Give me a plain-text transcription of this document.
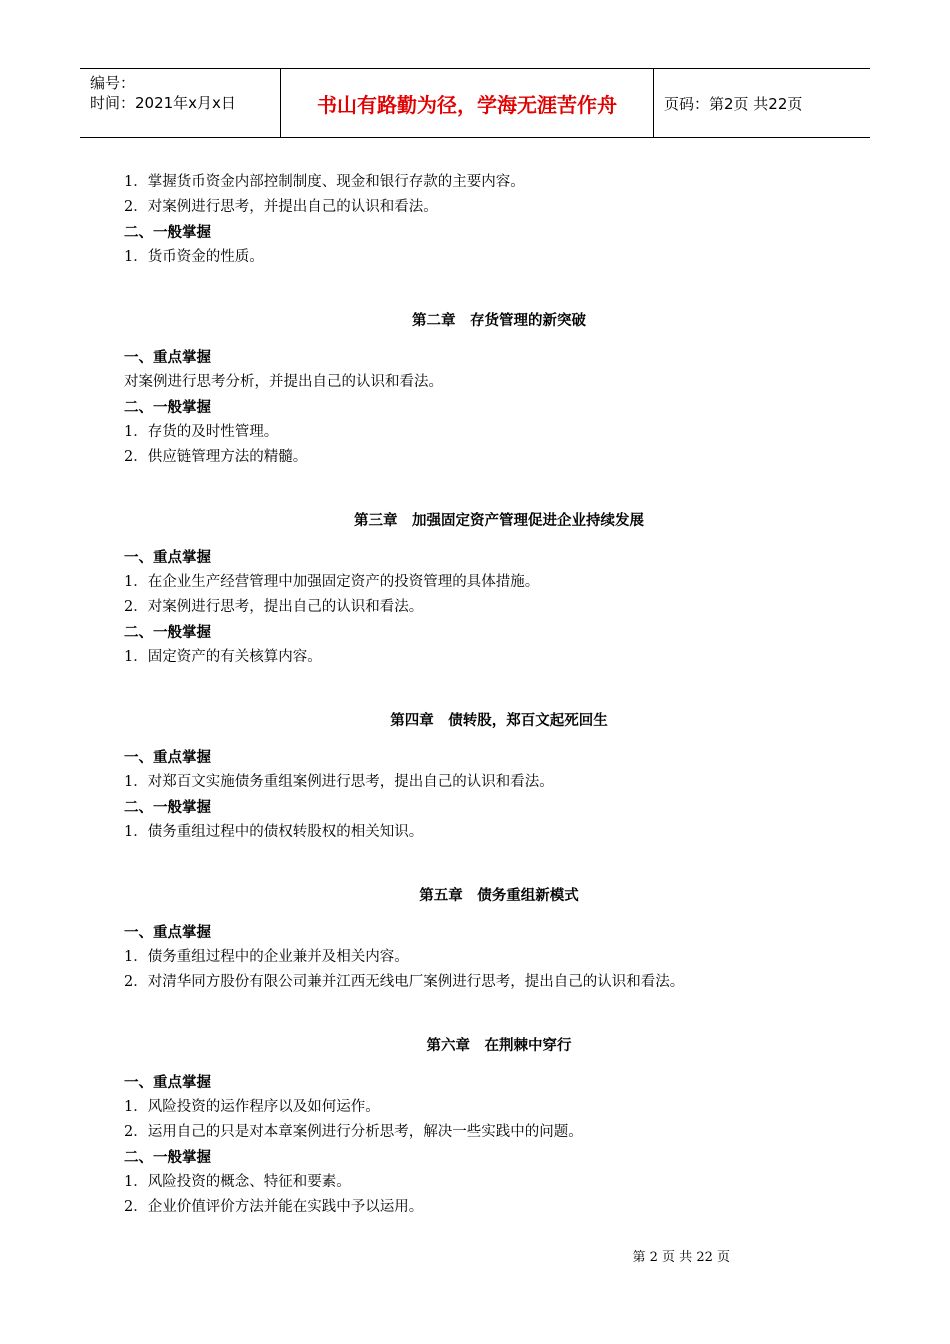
编号：
时间：2021年x月x日	书山有路勤为径，学海无涯苦作舟	页码：第2页 共22页
1．掌握货币资金内部控制制度、现金和银行存款的主要内容。
2．对案例进行思考，并提出自己的认识和看法。
二、一般掌握
1．货币资金的性质。
第二章　存货管理的新突破
一、重点掌握
对案例进行思考分析，并提出自己的认识和看法。
二、一般掌握
1．存货的及时性管理。
2．供应链管理方法的精髓。
第三章　加强固定资产管理促进企业持续发展
一、重点掌握
1．在企业生产经营管理中加强固定资产的投资管理的具体措施。
2．对案例进行思考，提出自己的认识和看法。
二、一般掌握
1．固定资产的有关核算内容。
第四章　债转股，郑百文起死回生
一、重点掌握
1．对郑百文实施债务重组案例进行思考，提出自己的认识和看法。
二、一般掌握
1．债务重组过程中的债权转股权的相关知识。
第五章　债务重组新模式
一、重点掌握
1．债务重组过程中的企业兼并及相关内容。
2．对清华同方股份有限公司兼并江西无线电厂案例进行思考，提出自己的认识和看法。
第六章　在荆棘中穿行
一、重点掌握
1．风险投资的运作程序以及如何运作。
2．运用自己的只是对本章案例进行分析思考，解决一些实践中的问题。
二、一般掌握
1．风险投资的概念、特征和要素。
2．企业价值评价方法并能在实践中予以运用。
第 2 页 共 22 页
